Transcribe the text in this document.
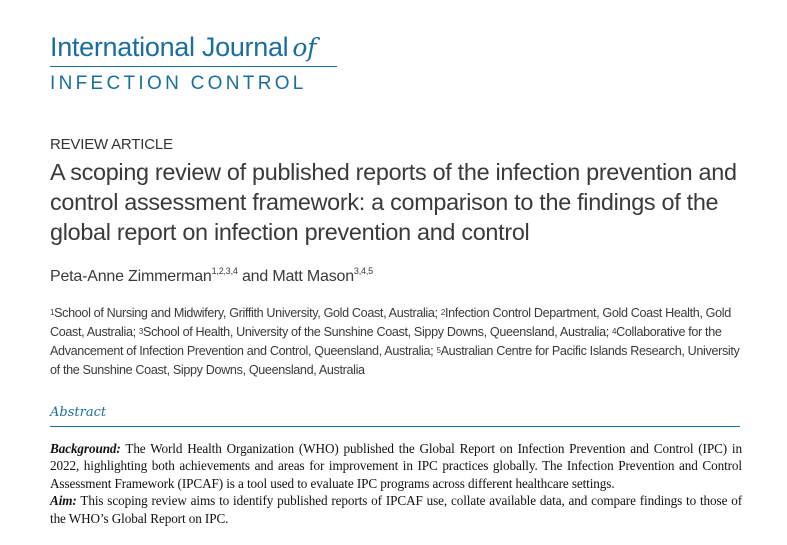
International Journal of
INFECTION CONTROL
REVIEW ARTICLE
A scoping review of published reports of the infection prevention and control assessment framework: a comparison to the findings of the global report on infection prevention and control
Peta-Anne Zimmerman$^{1,2,3,4}$ and Matt Mason$^{3,4,5}$
$^1$School of Nursing and Midwifery, Griffith University, Gold Coast, Australia; $^2$Infection Control Department, Gold Coast Health, Gold Coast, Australia; $^3$School of Health, University of the Sunshine Coast, Sippy Downs, Queensland, Australia; $^4$Collaborative for the Advancement of Infection Prevention and Control, Queensland, Australia; $^5$Australian Centre for Pacific Islands Research, University of the Sunshine Coast, Sippy Downs, Queensland, Australia
Abstract

Background: The World Health Organization (WHO) published the Global Report on Infection Prevention and Control (IPC) in 2022, highlighting both achievements and areas for improvement in IPC practices globally. The Infection Prevention and Control Assessment Framework (IPCAF) is a tool used to evaluate IPC programs across different healthcare settings.

Aim: This scoping review aims to identify published reports of IPCAF use, collate available data, and compare findings to those of the WHO’s Global Report on IPC.
